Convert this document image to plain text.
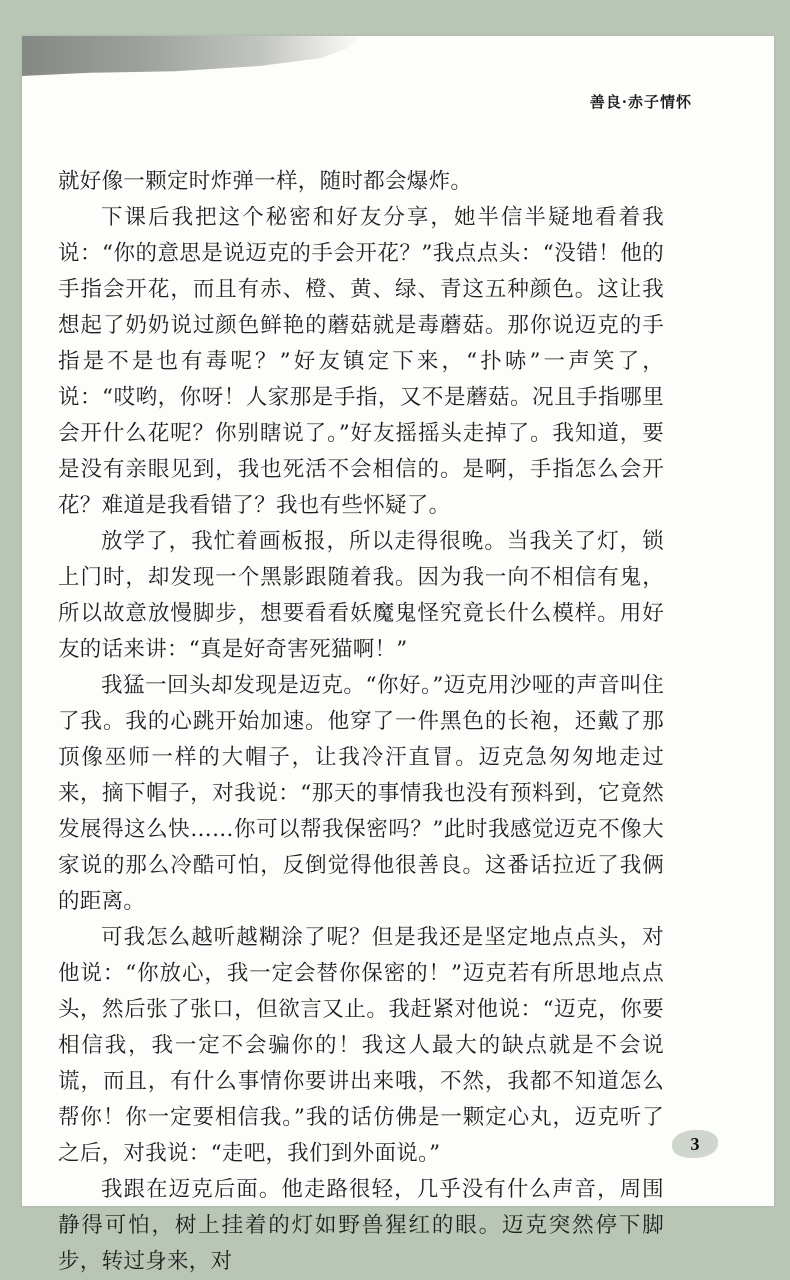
善良·赤子情怀

就好像一颗定时炸弹一样，随时都会爆炸。

下课后我把这个秘密和好友分享，她半信半疑地看着我说：“你的意思是说迈克的手会开花？”我点点头：“没错！他的手指会开花，而且有赤、橙、黄、绿、青这五种颜色。这让我想起了奶奶说过颜色鲜艳的蘑菇就是毒蘑菇。那你说迈克的手指是不是也有毒呢？”好友镇定下来，“扑哧”一声笑了，说：“哎哟，你呀！人家那是手指，又不是蘑菇。况且手指哪里会开什么花呢？你别瞎说了。”好友摇摇头走掉了。我知道，要是没有亲眼见到，我也死活不会相信的。是啊，手指怎么会开花？难道是我看错了？我也有些怀疑了。

放学了，我忙着画板报，所以走得很晚。当我关了灯，锁上门时，却发现一个黑影跟随着我。因为我一向不相信有鬼，所以故意放慢脚步，想要看看妖魔鬼怪究竟长什么模样。用好友的话来讲：“真是好奇害死猫啊！”

我猛一回头却发现是迈克。“你好。”迈克用沙哑的声音叫住了我。我的心跳开始加速。他穿了一件黑色的长袍，还戴了那顶像巫师一样的大帽子，让我冷汗直冒。迈克急匆匆地走过来，摘下帽子，对我说：“那天的事情我也没有预料到，它竟然发展得这么快……你可以帮我保密吗？”此时我感觉迈克不像大家说的那么冷酷可怕，反倒觉得他很善良。这番话拉近了我俩的距离。

可我怎么越听越糊涂了呢？但是我还是坚定地点点头，对他说：“你放心，我一定会替你保密的！”迈克若有所思地点点头，然后张了张口，但欲言又止。我赶紧对他说：“迈克，你要相信我，我一定不会骗你的！我这人最大的缺点就是不会说谎，而且，有什么事情你要讲出来哦，不然，我都不知道怎么帮你！你一定要相信我。”我的话仿佛是一颗定心丸，迈克听了之后，对我说：“走吧，我们到外面说。”

我跟在迈克后面。他走路很轻，几乎没有什么声音，周围静得可怕，树上挂着的灯如野兽猩红的眼。迈克突然停下脚步，转过身来，对

3
